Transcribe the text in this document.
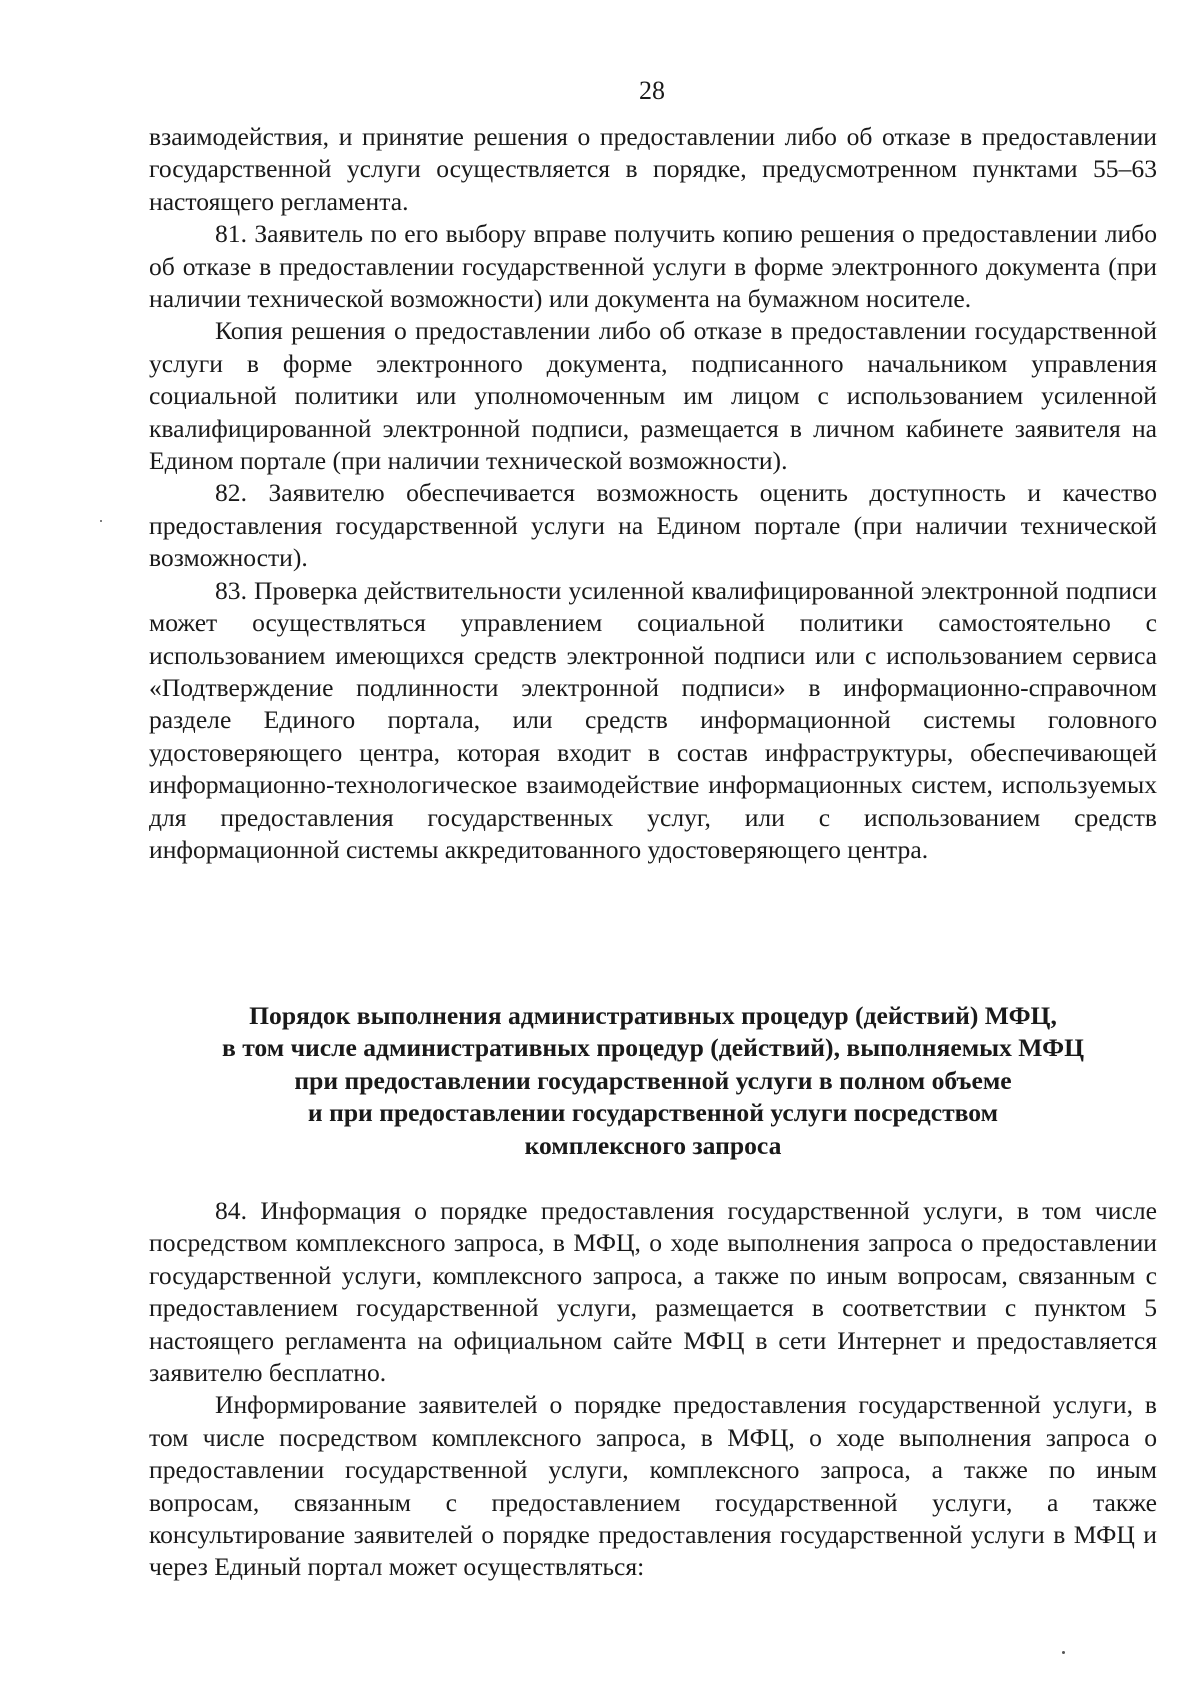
28

взаимодействия, и принятие решения о предоставлении либо об отказе в предоставлении государственной услуги осуществляется в порядке, предусмотренном пунктами 55–63 настоящего регламента.

81. Заявитель по его выбору вправе получить копию решения о предоставлении либо об отказе в предоставлении государственной услуги в форме электронного документа (при наличии технической возможности) или документа на бумажном носителе.

Копия решения о предоставлении либо об отказе в предоставлении государственной услуги в форме электронного документа, подписанного начальником управления социальной политики или уполномоченным им лицом с использованием усиленной квалифицированной электронной подписи, размещается в личном кабинете заявителя на Едином портале (при наличии технической возможности).

82. Заявителю обеспечивается возможность оценить доступность и качество предоставления государственной услуги на Едином портале (при наличии технической возможности).

83. Проверка действительности усиленной квалифицированной электронной подписи может осуществляться управлением социальной политики самостоятельно с использованием имеющихся средств электронной подписи или с использованием сервиса «Подтверждение подлинности электронной подписи» в информационно-справочном разделе Единого портала, или средств информационной системы головного удостоверяющего центра, которая входит в состав инфраструктуры, обеспечивающей информационно-технологическое взаимодействие информационных систем, используемых для предоставления государственных услуг, или с использованием средств информационной системы аккредитованного удостоверяющего центра.

Порядок выполнения административных процедур (действий) МФЦ,
в том числе административных процедур (действий), выполняемых МФЦ
при предоставлении государственной услуги в полном объеме
и при предоставлении государственной услуги посредством
комплексного запроса

84. Информация о порядке предоставления государственной услуги, в том числе посредством комплексного запроса, в МФЦ, о ходе выполнения запроса о предоставлении государственной услуги, комплексного запроса, а также по иным вопросам, связанным с предоставлением государственной услуги, размещается в соответствии с пунктом 5 настоящего регламента на официальном сайте МФЦ в сети Интернет и предоставляется заявителю бесплатно.

Информирование заявителей о порядке предоставления государственной услуги, в том числе посредством комплексного запроса, в МФЦ, о ходе выполнения запроса о предоставлении государственной услуги, комплексного запроса, а также по иным вопросам, связанным с предоставлением государственной услуги, а также консультирование заявителей о порядке предоставления государственной услуги в МФЦ и через Единый портал может осуществляться:
